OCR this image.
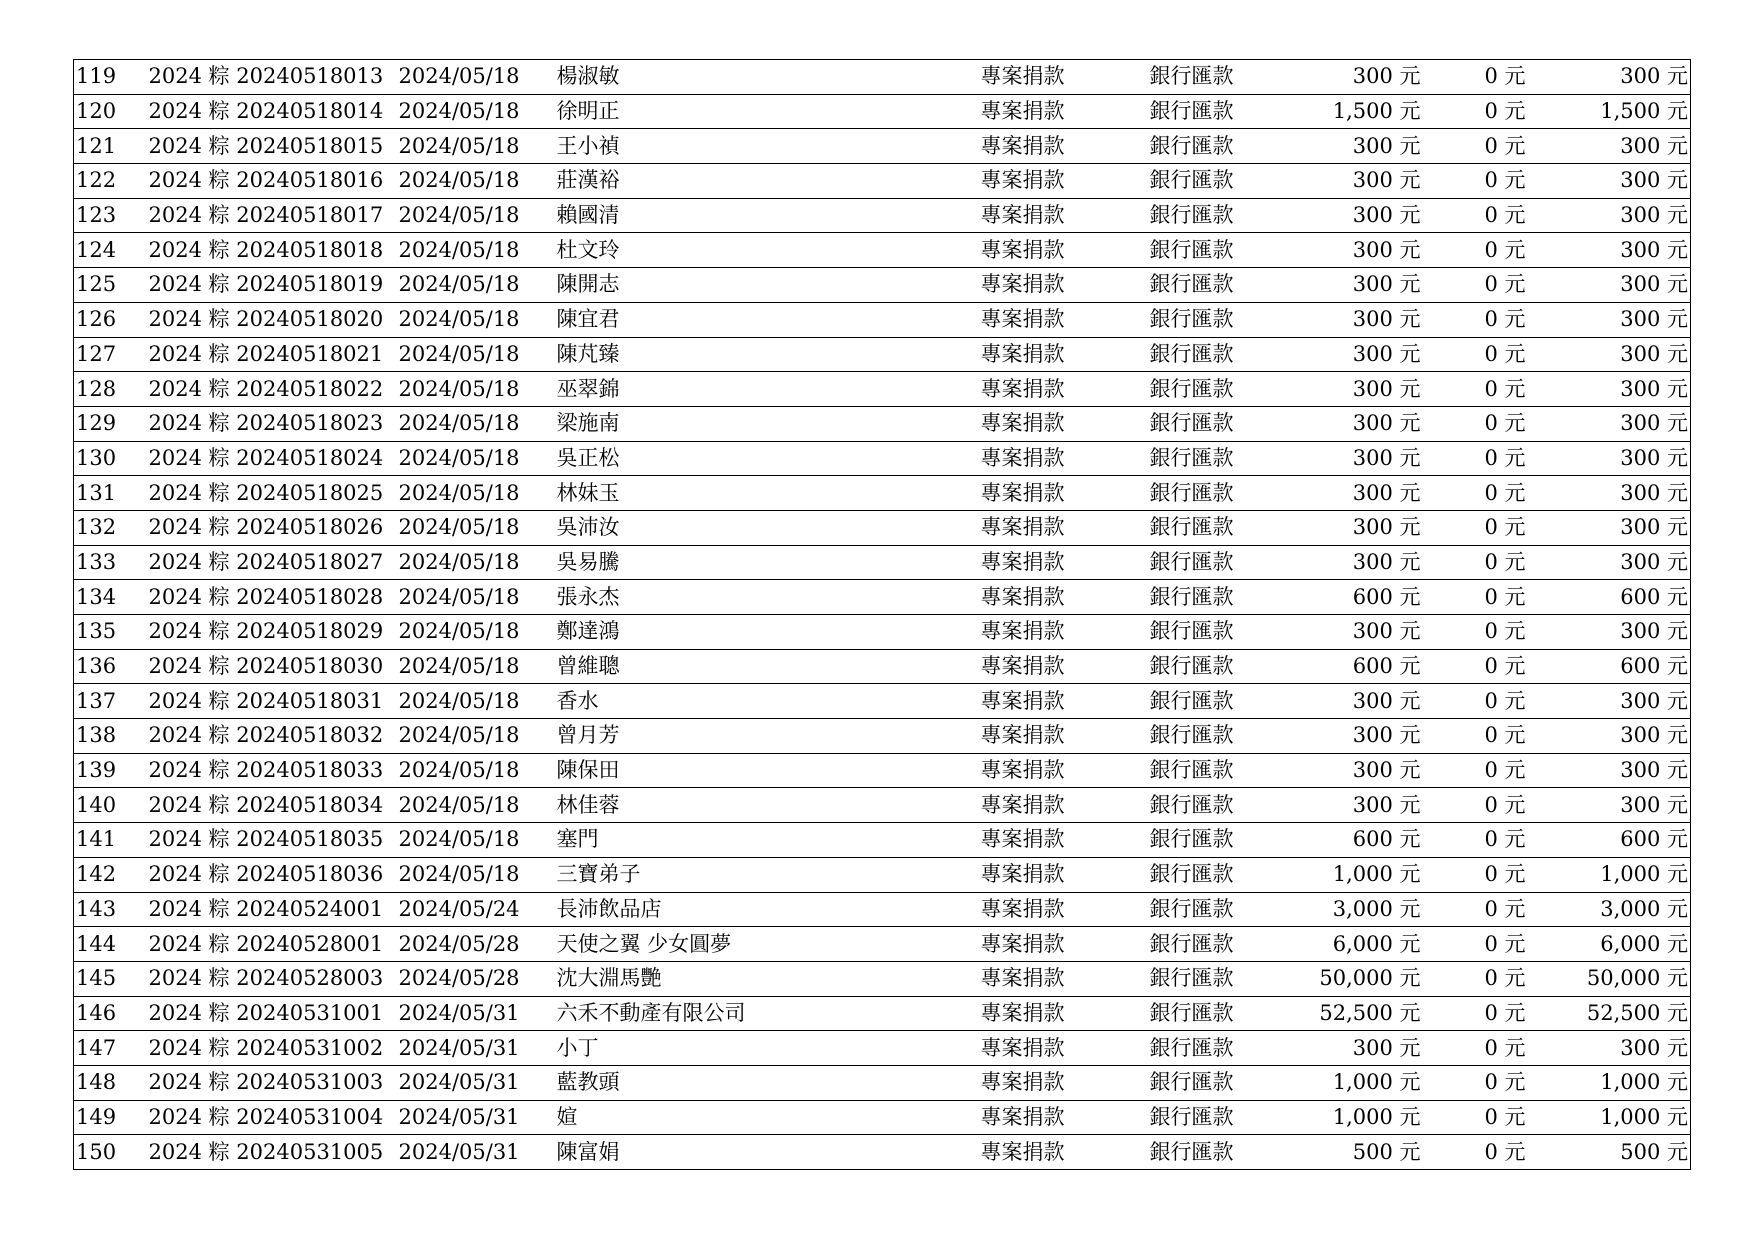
119	2024 粽 20240518013	2024/05/18	楊淑敏	專案捐款	銀行匯款	300 元	0 元	300 元
120	2024 粽 20240518014	2024/05/18	徐明正	專案捐款	銀行匯款	1,500 元	0 元	1,500 元
121	2024 粽 20240518015	2024/05/18	王小禎	專案捐款	銀行匯款	300 元	0 元	300 元
122	2024 粽 20240518016	2024/05/18	莊漢裕	專案捐款	銀行匯款	300 元	0 元	300 元
123	2024 粽 20240518017	2024/05/18	賴國清	專案捐款	銀行匯款	300 元	0 元	300 元
124	2024 粽 20240518018	2024/05/18	杜文玲	專案捐款	銀行匯款	300 元	0 元	300 元
125	2024 粽 20240518019	2024/05/18	陳開志	專案捐款	銀行匯款	300 元	0 元	300 元
126	2024 粽 20240518020	2024/05/18	陳宜君	專案捐款	銀行匯款	300 元	0 元	300 元
127	2024 粽 20240518021	2024/05/18	陳芃臻	專案捐款	銀行匯款	300 元	0 元	300 元
128	2024 粽 20240518022	2024/05/18	巫翠錦	專案捐款	銀行匯款	300 元	0 元	300 元
129	2024 粽 20240518023	2024/05/18	梁施南	專案捐款	銀行匯款	300 元	0 元	300 元
130	2024 粽 20240518024	2024/05/18	吳正松	專案捐款	銀行匯款	300 元	0 元	300 元
131	2024 粽 20240518025	2024/05/18	林妹玉	專案捐款	銀行匯款	300 元	0 元	300 元
132	2024 粽 20240518026	2024/05/18	吳沛汝	專案捐款	銀行匯款	300 元	0 元	300 元
133	2024 粽 20240518027	2024/05/18	吳易騰	專案捐款	銀行匯款	300 元	0 元	300 元
134	2024 粽 20240518028	2024/05/18	張永杰	專案捐款	銀行匯款	600 元	0 元	600 元
135	2024 粽 20240518029	2024/05/18	鄭達鴻	專案捐款	銀行匯款	300 元	0 元	300 元
136	2024 粽 20240518030	2024/05/18	曾維聰	專案捐款	銀行匯款	600 元	0 元	600 元
137	2024 粽 20240518031	2024/05/18	香水	專案捐款	銀行匯款	300 元	0 元	300 元
138	2024 粽 20240518032	2024/05/18	曾月芳	專案捐款	銀行匯款	300 元	0 元	300 元
139	2024 粽 20240518033	2024/05/18	陳保田	專案捐款	銀行匯款	300 元	0 元	300 元
140	2024 粽 20240518034	2024/05/18	林佳蓉	專案捐款	銀行匯款	300 元	0 元	300 元
141	2024 粽 20240518035	2024/05/18	塞門	專案捐款	銀行匯款	600 元	0 元	600 元
142	2024 粽 20240518036	2024/05/18	三寶弟子	專案捐款	銀行匯款	1,000 元	0 元	1,000 元
143	2024 粽 20240524001	2024/05/24	長沛飲品店	專案捐款	銀行匯款	3,000 元	0 元	3,000 元
144	2024 粽 20240528001	2024/05/28	天使之翼 少女圓夢	專案捐款	銀行匯款	6,000 元	0 元	6,000 元
145	2024 粽 20240528003	2024/05/28	沈大淵馬艷	專案捐款	銀行匯款	50,000 元	0 元	50,000 元
146	2024 粽 20240531001	2024/05/31	六禾不動產有限公司	專案捐款	銀行匯款	52,500 元	0 元	52,500 元
147	2024 粽 20240531002	2024/05/31	小丁	專案捐款	銀行匯款	300 元	0 元	300 元
148	2024 粽 20240531003	2024/05/31	藍教頭	專案捐款	銀行匯款	1,000 元	0 元	1,000 元
149	2024 粽 20240531004	2024/05/31	媗	專案捐款	銀行匯款	1,000 元	0 元	1,000 元
150	2024 粽 20240531005	2024/05/31	陳富娟	專案捐款	銀行匯款	500 元	0 元	500 元
